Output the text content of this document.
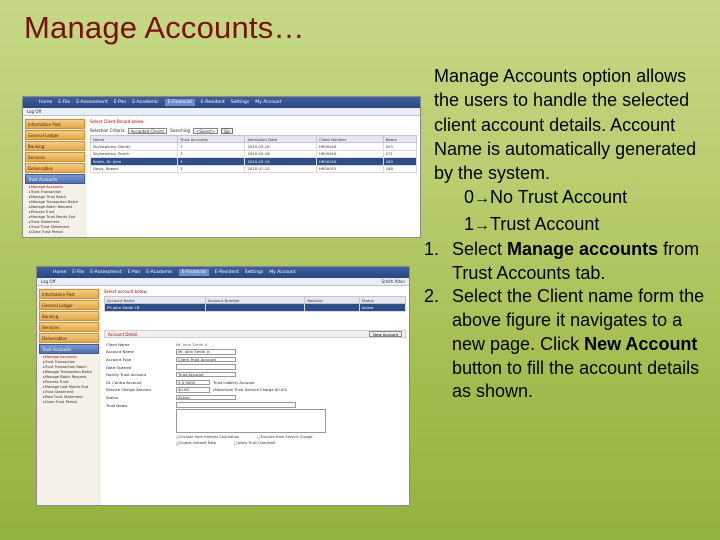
Manage Accounts…
Home E-File E-Assessment E-Pan E-Academic	E-Financial	E-Resident Settings My Account
Log Off
Information Post
General Ledger
Banking
Services
Deliverables
Trust Accounts
▸ Manage Accounts
▸ Trust Transaction
▸ Manage Trust Batch
▸ Manage Transaction Batch
▸ Manage Batch Request
▸ Process Trust
▸ Manage Trust Month End
▸ Trust Statement
▸ Trust Trust Statement
▸ Close Trust Period
Select Client Record below
Selection Criteria	Accepted Clients	Searching	<Select>	Go
Name	Trust Accounts	Admission Date	Client Number	Name
Skyhawking, Dendy	3	2010-03-16	HR00016	203
Skyhawking, Peach	3	2010-03-16	HR00016	271
Smith, Dr. John	3	2010-03-19	HR00019	185
Davis, Robert	3	2010-07-15	HR00015	188
Home E-File E-Assessment E-Pan E-Academic	E-Financial	E-Resident Settings My Account
Log Off	Smith Alton
Information Post
General Ledger
Banking
Services
Deliverables
Trust Accounts
▸ Manage Accounts
▸ Trust Transaction
▸ Trust Transaction Batch
▸ Manage Transaction Batch
▸ Manage Batch Request
▸ Process Trust
▸ Manage Last Month End
▸ Trust Statement
▸ Pass Trust Statement
▸ Close Trust Period
Select account below
Account Name	Account Number	Balance	Status
PS John Smith LB			Active
Account Detail	New Account
Client Name	Mr. John Smith Jr.
Account Name	Mr. John Smith Jr.
Account Type	Client Trust Account
Date Opened
Facility Trust Account	Trust Account
GL Contra Account	5-5 5000	Trust Liability Account
Service Charge Amount	$0.00	(Maximum Trust Service Charge $0.00)
Status	Active
Trust Notes
□ Exclude from Interest Calculation	□ Exclude from Service Charge
□ Enable Interest Rate	□ Allow Trust Overdraft

Manage Accounts option allows the users to handle the selected client account details. Account Name is automatically generated by the system.

0→No Trust Account

1→Trust Account

1. Select Manage accounts from Trust Accounts tab.
2. Select the Client name form the above figure it navigates to a new page. Click New Account button to fill the account details as shown.
